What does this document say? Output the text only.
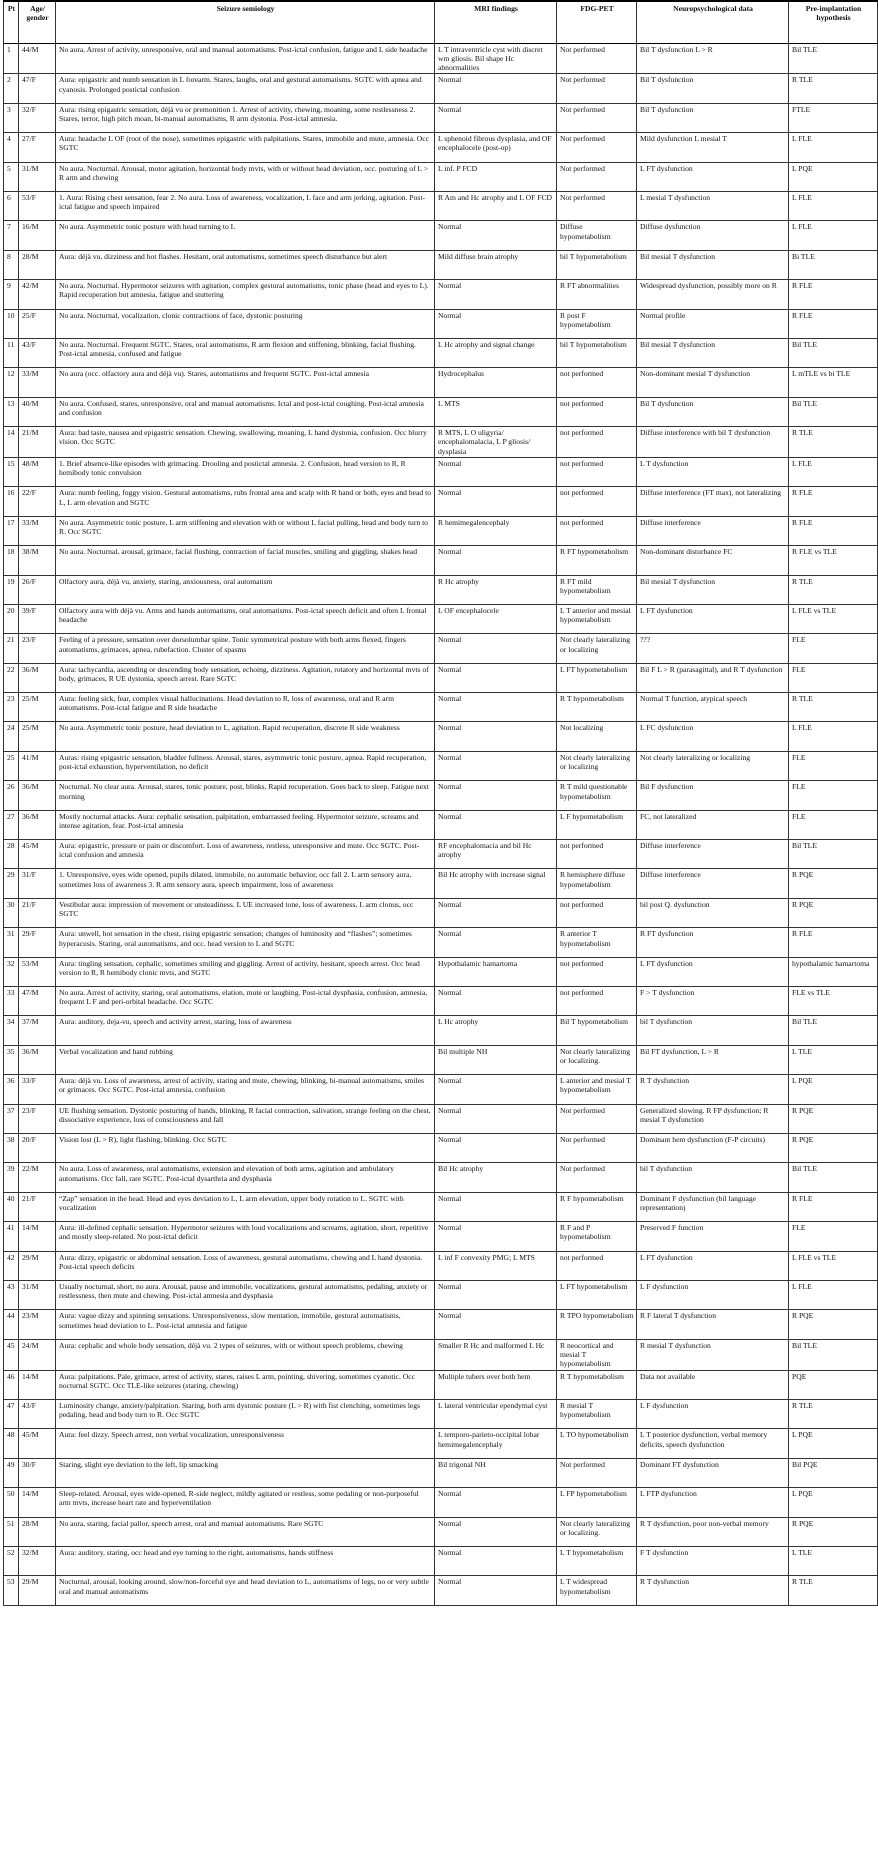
Pt	Age/ gender	Seizure semiology	MRI findings	FDG-PET	Neuropsychological data	Pre-implantation hypothesis
1	44/M	No aura. Arrest of activity, unresponsive, oral and manual automatisms. Post-ictal confusion, fatigue and L side headache	L T intraventricle cyst with discret wm gliosis. Bil shape Hc abnormalities	Not performed	Bil T dysfunction L > R	Bil TLE
2	47/F	Aura: epigastric and numb sensation in L forearm. Stares, laughs, oral and gestural automatisms. SGTC with apnea and cyanosis. Prolonged postictal confusion	Normal	Not performed	Bil T dysfunction	R TLE
3	32/F	Aura: rising epigastric sensation, déjà vu or premonition 1. Arrest of activity, chewing, moaning, some restlessness 2. Stares, terror, high pitch moan, bi-manual automatisms, R arm dystonia. Post-ictal amnesia.	Normal	Not performed	Bil T dysfunction	FTLE
4	27/F	Aura: headache L OF (root of the nose), sometimes epigastric with palpitations. Stares, immobile and mute, amnesia. Occ SGTC	L sphenoid fibrous dysplasia, and OF encephalocele (post-op)	Not performed	Mild dysfunction L mesial T	L FLE
5	31/M	No aura. Nocturnal. Arousal, motor agitation, horizontal body mvts, with or without head deviation, occ. posturing of L > R arm and chewing	L inf. P FCD	Not performed	L FT dysfunction	L PQE
6	53/F	1. Aura: Rising chest sensation, fear 2. No aura. Loss of awareness, vocalization, L face and arm jerking, agitation. Post-ictal fatigue and speech impaired	R Am and Hc atrophy and L OF FCD	Not performed	L mesial T dysfunction	L FLE
7	16/M	No aura. Asymmetric tonic posture with head turning to L	Normal	Diffuse hypometabolism	Diffuse dysfunction	L FLE
8	28/M	Aura: déjà vu, dizziness and hot flashes. Hesitant, oral automatisms, sometimes speech disturbance but alert	Mild diffuse brain atrophy	bil T hypometabolism	Bil mesial T dysfunction	Bi TLE
9	42/M	No aura. Nocturnal. Hypermotor seizures with agitation, complex gestural automatisms, tonic phase (head and eyes to L). Rapid recuperation but amnesia, fatigue and stuttering	Normal	R FT abnormalities	Widespread dysfunction, possibly more on R	R FLE
10	25/F	No aura. Nocturnal, vocalization, clonic contractions of face, dystonic posturing	Normal	R post F hypometabolism	Normal profile	R FLE
11	43/F	No aura. Nocturnal. Frequent SGTC. Stares, oral automatisms, R arm flexion and stiffening, blinking, facial flushing. Post-ictal amnesia, confused and fatigue	L Hc atrophy and signal change	bil T hypometabolism	Bil mesial T dysfunction	Bil TLE
12	33/M	No aura (occ. olfactory aura and déjà vu). Stares, automatisms and frequent SGTC. Post-ictal amnesia	Hydrocephalus	not performed	Non-dominant mesial T dysfunction	L mTLE vs bi TLE
13	40/M	No aura. Confused, stares, unresponsive, oral and manual automatisms. Ictal and post-ictal coughing. Post-ictal amnesia and confusion	L MTS	not performed	Bil T dysfunction	Bil TLE
14	21/M	Aura: bad taste, nausea and epigastric sensation. Chewing, swallowing, moaning, L hand dystonia, confusion. Occ blurry vision. Occ SGTC	R MTS, L O uligyria/ encephalomalacia, L P gliosis/ dysplasia	not performed	Diffuse interference with bil T dysfunction	R TLE
15	48/M	1. Brief absence-like episodes with grimacing. Drooling and postictal amnesia. 2. Confusion, head version to R, R hemibody tonic convulsion	Normal	not performed	L T dysfunction	L FLE
16	22/F	Aura: numb feeling, foggy vision. Gestural automatisms, rubs frontal area and scalp with R hand or both, eyes and head to L, L arm elevation and SGTC	Normal	not performed	Diffuse interference (FT max), not lateralizing	R FLE
17	33/M	No aura. Asymmetric tonic posture, L arm stiffening and elevation with or without L facial pulling, head and body turn to R. Occ SGTC	R hemimegalencephaly	not performed	Diffuse interference	R FLE
18	38/M	No aura. Nocturnal, arousal, grimace, facial flushing, contraction of facial muscles, smiling and giggling, shakes head	Normal	R FT hypometabolism	Non-dominant disturbance FC	R FLE vs TLE
19	26/F	Olfactory aura, déjà vu, anxiety, staring, anxiousness, oral automatism	R Hc atrophy	R FT mild hypometabolism	Bil mesial T dysfunction	R TLE
20	39/F	Olfactory aura with déjà vu. Arms and hands automatisms, oral automatisms. Post-ictal speech deficit and often L frontal headache	L OF encephalocele	L T anterior and mesial hypometabolism	L FT dysfunction	L FLE vs TLE
21	23/F	Feeling of a pressure, sensation over dorsolumbar spine. Tonic symmetrical posture with both arms flexed, fingers automatisms, grimaces, apnea, rubefaction. Cluster of spasms	Normal	Not clearly lateralizing or localizing	???	FLE
22	36/M	Aura: tachycardia, ascending or descending body sensation, echoing, dizziness. Agitation, rotatory and horizontal mvts of body, grimaces, R UE dystonia, speech arrest. Rare SGTC	Normal	L FT hypometabolism	Bil F L > R (parasagittal), and R T dysfunction	FLE
23	25/M	Aura: feeling sick, fear, complex visual hallucinations. Head deviation to R, loss of awareness, oral and R arm automatisms. Post-ictal fatigue and R side headache	Normal	R T hypometabolism	Normal T function, atypical speech	R TLE
24	25/M	No aura. Asymmetric tonic posture, head deviation to L, agitation. Rapid recuperation, discrete R side weakness	Normal	Not localizing	L FC dysfunction	L FLE
25	41/M	Auras: rising epigastric sensation, bladder fullness. Arousal, stares, asymmetric tonic posture, apnea. Rapid recuperation, post-ictal exhaustion, hyperventilation, no deficit	Normal	Not clearly lateralizing or localizing	Not clearly lateralizing or localizing	FLE
26	36/M	Nocturnal. No clear aura. Arousal, stares, tonic posture, post, blinks. Rapid recuperation. Goes back to sleep. Fatigue next morning	Normal	R T mild questionable hypometabolism	Bil F dysfunction	FLE
27	36/M	Mostly nocturnal attacks. Aura: cephalic sensation, palpitation, embarrassed feeling. Hypermotor seizure, screams and intense agitation, fear. Post-ictal amnesia	Normal	L F hypometabolism	FC, not lateralized	FLE
28	45/M	Aura: epigastric, pressure or pain or discomfort. Loss of awareness, restless, unresponsive and mute. Occ SGTC. Post-ictal confusion and amnesia	RF encephalomacia and bil Hc atrophy	not performed	Diffuse interference	Bil TLE
29	31/F	1. Unresponsive, eyes wide opened, pupils dilated, immobile, no automatic behavior, occ fall 2. L arm sensory aura, sometimes loss of awareness 3. R arm sensory aura, speech impairment, loss of awareness	Bil Hc atrophy with increase signal	R hemisphere diffuse hypometabolism	Diffuse interference	R PQE
30	21/F	Vestibular aura: impression of movement or unsteadiness. L UE increased tone, loss of awareness, L arm clonus, occ SGTC	Normal	not performed	bil post Q. dysfunction	R PQE
31	29/F	Aura: unwell, hot sensation in the chest, rising epigastric sensation; changes of luminosity and “flashes”; sometimes hyperacusis. Staring, oral automatisms, and occ. head version to L and SGTC	Normal	R anterior T hypometabolism	R FT dysfunction	R FLE
32	53/M	Aura: tingling sensation, cephalic, sometimes smiling and giggling. Arrest of activity, hesitant, speech arrest. Occ head version to R, R hemibody clonic mvts, and SGTC	Hypothalamic hamartoma	not performed	L FT dysfunction	hypothalamic hamartoma
33	47/M	No aura. Arrest of activity, staring, oral automatisms, elation, mute or laughing. Post-ictal dysphasia, confusion, amnesia, frequent L F and peri-orbital headache. Occ SGTC	Normal	not performed	F > T dysfunction	FLE vs TLE
34	37/M	Aura: auditory, deja-vu, speech and activity arrest, staring, loss of awareness	L Hc atrophy	Bil T hypometabolism	bil T dysfunction	Bil TLE
35	36/M	Verbal vocalization and hand rubbing	Bil multiple NH	Not clearly lateralizing or localizing.	Bil FT dysfunction, L > R	L TLE
36	33/F	Aura: déjà vu. Loss of awareness, arrest of activity, staring and mute, chewing, blinking, bi-manual automatisms, smiles or grimaces. Occ SGTC. Post-ictal amnesia, confusion	Normal	L anterior and mesial T hypometabolism	R T dysfunction	L PQE
37	23/F	UE flushing sensation. Dystonic posturing of hands, blinking, R facial contraction, salivation, strange feeling on the chest, dissociative experience, loss of consciousness and fall	Normal	Not performed	Generalized slowing. R FP dysfunction; R mesial T dysfunction	R PQE
38	20/F	Vision lost (L > R), light flashing, blinking. Occ SGTC	Normal	Not performed	Dominant hem dysfunction (F-P circuits)	R PQE
39	22/M	No aura. Loss of awareness, oral automatisms, extension and elevation of both arms, agitation and ambulatory automatisms. Occ fall, rare SGTC. Post-ictal dysarthria and dysphasia	Bil Hc atrophy	Not performed	bil T dysfunction	Bil TLE
40	21/F	“Zap” sensation in the head. Head and eyes deviation to L, L arm elevation, upper body rotation to L. SGTC with vocalization	Normal	R F hypometabolism	Dominant F dysfunction (bil language representation)	R FLE
41	14/M	Aura: ill-defined cephalic sensation. Hypermotor seizures with loud vocalizations and screams, agitation, short, repetitive and mostly sleep-related. No post-ictal deficit	Normal	R F and P hypometabolism	Preserved F function	FLE
42	29/M	Aura: dizzy, epigastric or abdominal sensation. Loss of awareness, gestural automatisms, chewing and L hand dystonia. Post-ictal speech deficits	L inf F convexity PMG; L MTS	not performed	L FT dysfunction	L FLE vs TLE
43	31/M	Usually nocturnal, short, no aura. Arousal, pause and immobile, vocalizations, gestural automatisms, pedaling, anxiety or restlessness, then mute and chewing. Post-ictal amnesia and dysphasia	Normal	L FT hypometabolism	L F dysfunction	L FLE
44	23/M	Aura: vague dizzy and spinning sensations. Unresponsiveness, slow mentation, immobile, gestural automatisms, sometimes head deviation to L. Post-ictal amnesia and fatigue	Normal	R TPO hypometabolism	R F lateral T dysfunction	R PQE
45	24/M	Aura: cephalic and whole body sensation, déjà vu. 2 types of seizures, with or without speech problems, chewing	Smaller R Hc and malformed L Hc	R neocortical and mesial T hypometabolism	R mesial T dysfunction	Bil TLE
46	14/M	Aura: palpitations. Pale, grimace, arrest of activity, stares, raises L arm, pointing, shivering, sometimes cyanotic. Occ nocturnal SGTC. Occ TLE-like seizures (staring, chewing)	Multiple tubers over both hem	R T hypometabolism	Data not available	PQE
47	43/F	Luminosity change, anxiety/palpitation. Staring, both arm dystonic posture (L > R) with fist clenching, sometimes legs pedaling, head and body turn to R. Occ SGTC	L lateral ventricular ependymal cyst	R mesial T hypometabolism	L F dysfunction	R TLE
48	45/M	Aura: feel dizzy. Speech arrest, non verbal vocalization, unresponsiveness	L temporo-parieto-occipital lobar hemimegalencephaly	L TO hypometabolism	L T posterior dysfunction, verbal memory deficits, speech dysfunction	L PQE
49	30/F	Staring, slight eye deviation to the left, lip smacking	Bil trigonal NH	Not performed	Dominant FT dysfunction	Bil PQE
50	14/M	Sleep-related. Arousal, eyes wide-opened, R-side neglect, mildly agitated or restless, some pedaling or non-purposeful arm mvts, increase heart rate and hyperventilation	Normal	L FP hypometabolism	L FTP dysfunction	L PQE
51	28/M	No aura, staring, facial pallor, speech arrest, oral and manual automatisms. Rare SGTC	Normal	Not clearly lateralizing or localizing.	R T dysfunction, poor non-verbal memory	R PQE
52	32/M	Aura: auditory, staring, occ head and eye turning to the right, automatisms, hands stiffness	Normal	L T hypometabolism	F T dysfunction	L TLE
53	29/M	Nocturnal, arousal, looking around, slow/non-forceful eye and head deviation to L, automatisms of legs, no or very subtle oral and manual automatisms	Normal	L T widespread hypometabolism	R T dysfunction	R TLE
